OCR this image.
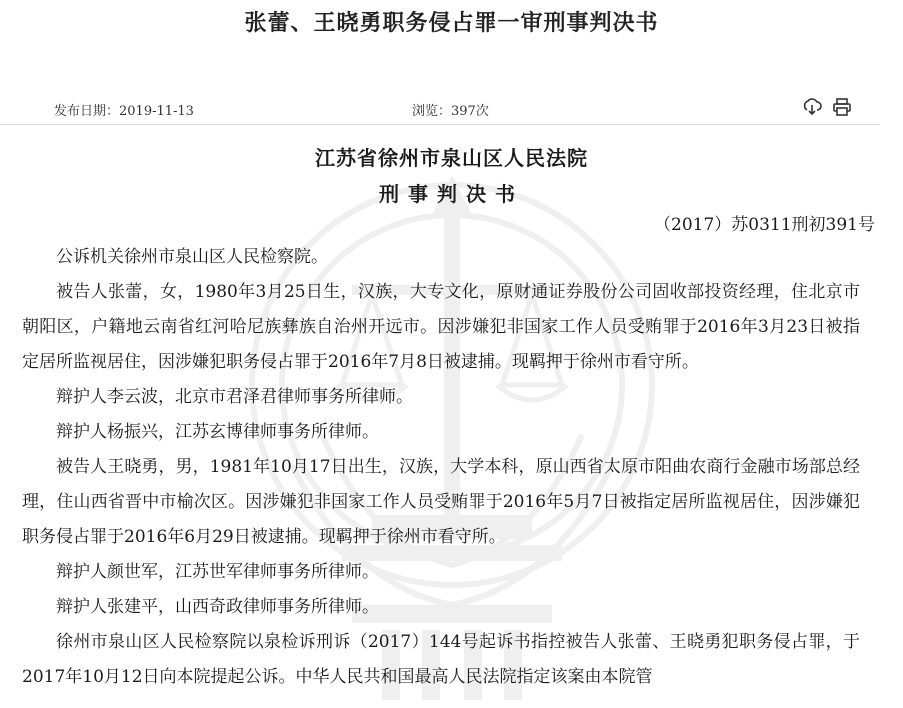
张蕾、王晓勇职务侵占罪一审刑事判决书
发布日期：2019-11-13	浏览：397次
江苏省徐州市泉山区人民法院
刑事判决书
（2017）苏0311刑初391号

公诉机关徐州市泉山区人民检察院。

被告人张蕾，女，1980年3月25日生，汉族，大专文化，原财通证券股份公司固收部投资经理，住北京市朝阳区，户籍地云南省红河哈尼族彝族自治州开远市。因涉嫌犯非国家工作人员受贿罪于2016年3月23日被指定居所监视居住，因涉嫌犯职务侵占罪于2016年7月8日被逮捕。现羁押于徐州市看守所。

辩护人李云波，北京市君泽君律师事务所律师。

辩护人杨振兴，江苏玄博律师事务所律师。

被告人王晓勇，男，1981年10月17日出生，汉族，大学本科，原山西省太原市阳曲农商行金融市场部总经理，住山西省晋中市榆次区。因涉嫌犯非国家工作人员受贿罪于2016年5月7日被指定居所监视居住，因涉嫌犯职务侵占罪于2016年6月29日被逮捕。现羁押于徐州市看守所。

辩护人颜世军，江苏世军律师事务所律师。

辩护人张建平，山西奇政律师事务所律师。

徐州市泉山区人民检察院以泉检诉刑诉（2017）144号起诉书指控被告人张蕾、王晓勇犯职务侵占罪，于2017年10月12日向本院提起公诉。中华人民共和国最高人民法院指定该案由本院管
